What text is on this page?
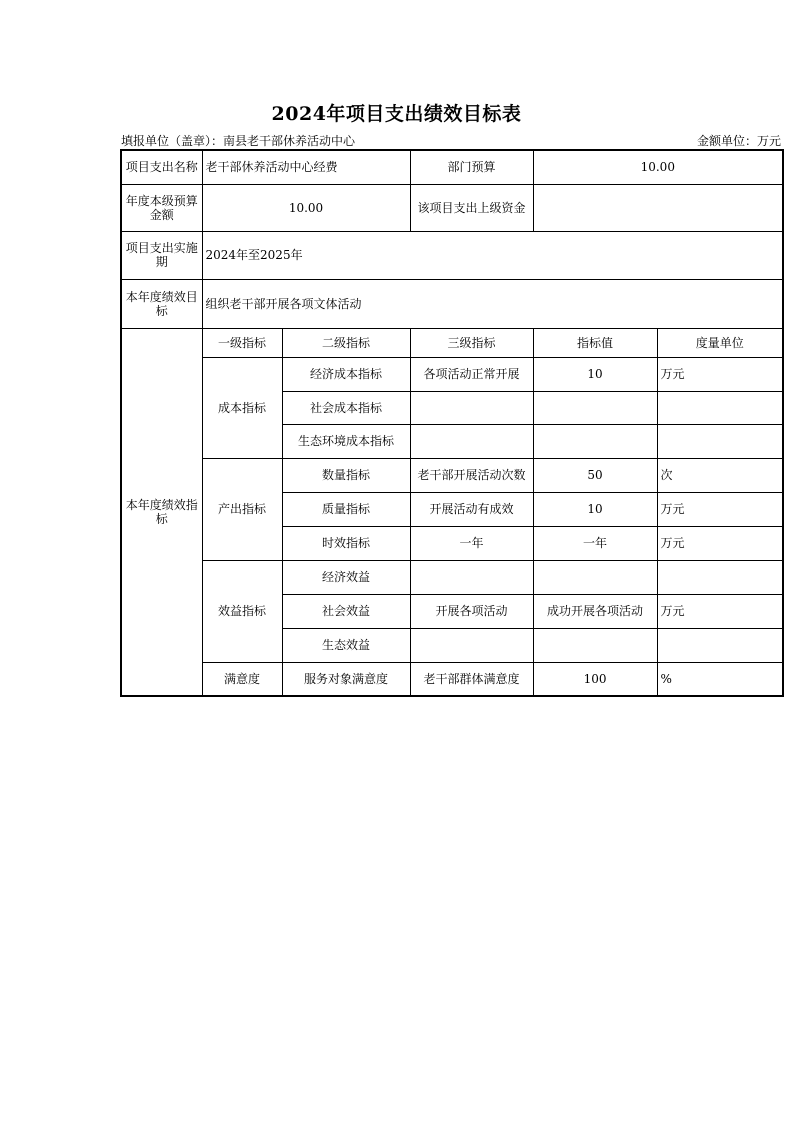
2024年项目支出绩效目标表
填报单位（盖章）：南县老干部休养活动中心	金额单位：万元
项目支出名称	老干部休养活动中心经费		部门预算	10.00	
年度本级预算金额	10.00		该项目支出上级资金		
项目支出实施期	2024年至2025年				
本年度绩效目标	组织老干部开展各项文体活动				
本年度绩效指标	一级指标	二级指标	三级指标	指标值	度量单位
	成本指标	经济成本指标	各项活动正常开展	10	万元
		社会成本指标			
		生态环境成本指标			
	产出指标	数量指标	老干部开展活动次数	50	次
		质量指标	开展活动有成效	10	万元
		时效指标	一年	一年	万元
	效益指标	经济效益			
		社会效益	开展各项活动	成功开展各项活动	万元
		生态效益			
	满意度	服务对象满意度	老干部群体满意度	100	%
